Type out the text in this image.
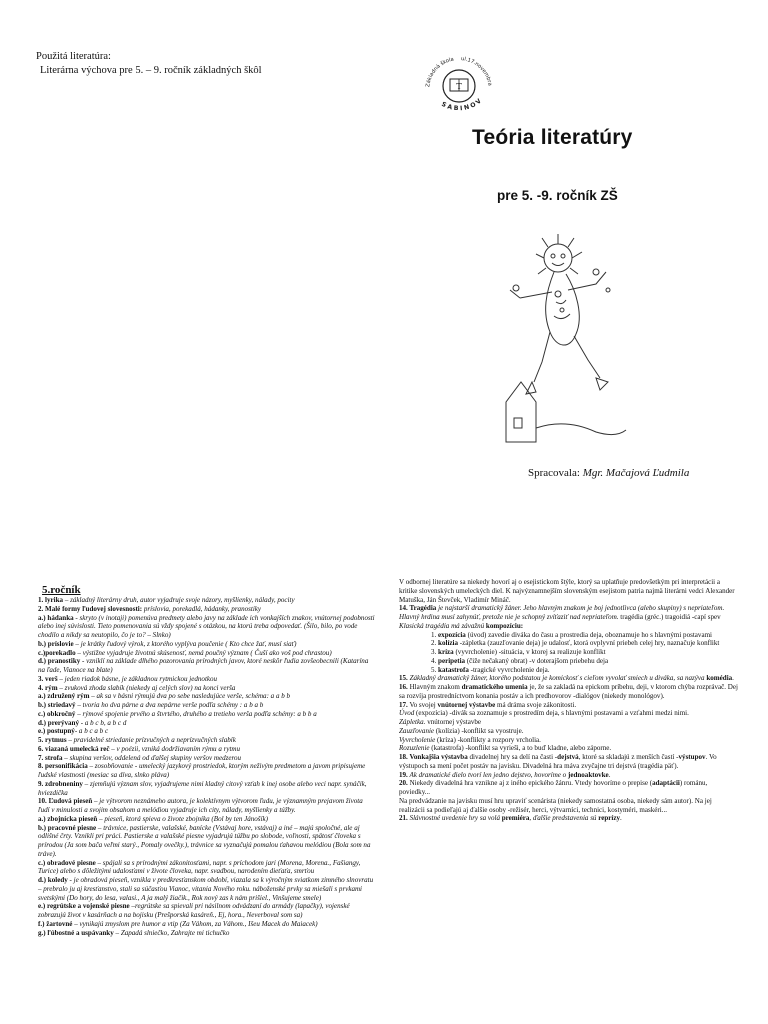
Použitá literatúra:
Literárna výchova pre 5. – 9. ročník základných škôl
T
Základná škola ul.17.novembra
SABINOV
Teória literatúry
pre 5. -9. ročník ZŠ
Spracovala: Mgr. Mačajová Ľudmila
5.ročník

1. lyrika – základný literárny druh, autor vyjadruje svoje názory, myšlienky, nálady, pocity

2. Malé formy ľudovej slovesnosti: príslovia, porekadlá, hádanky, pranostiky

a.) hádanka - skryto (v inotaji) pomenúva predmety alebo javy na základe ich vonkajších znakov, vnútornej podobnosti alebo inej súvislosti. Tieto pomenovania sú vždy spojené s otázkou, na ktorú treba odpovedať. (Šilo, bilo, po vode chodilo a nikdy sa neutopilo, čo je to? – Slnko)

b.) príslovie – je krátky ľudový výrok, z ktorého vyplýva poučenie ( Kto chce žať, musí siať)

c.)porekadlo – výstižne vyjadruje životnú skúsenosť, nemá poučný význam ( Čuší ako voš pod chrastou)

d.) pranostiky - vzniklí na základe dlhého pozorovania prírodných javov, ktoré neskôr ľudia zovšeobecnili (Katarína na ľade, Vianoce na blate)

3. verš – jeden riadok básne, je základnou rytmickou jednotkou

4. rým – zvuková zhoda slabík (niekedy aj celých slov) na konci verša

a.) združený rým – ak sa v básni rýmujú dva po sebe nasledujúce verše, schéma: a a b b

b.) striedavý – tvoria ho dva párne a dva nepárne verše podľa schémy : a b a b

c.) obkročný – rýmové spojenie prvého a štvrtého, druhého a tretieho verša podľa schémy: a b b a

d.) prerývaný - a b c b, a b c d

e.) postupný- a b c a b c

5. rytmus – pravidelné striedanie prízvučných a neprízvučných slabík

6. viazaná umelecká reč – v poézii, vzniká dodržiavaním rýmu a rytmu

7. strofa – skupina veršov, oddelená od ďalšej skupiny veršov medzerou

8. personifikácia – zosobňovanie - umelecký jazykový prostriedok, ktorým neživým predmetom a javom pripisujeme ľudské vlastnosti (mesiac sa díva, slnko pláva)

9. zdrobneniny – zjemňujú význam slov, vyjadrujeme nimi kladný citový vzťah k inej osobe alebo veci napr. synáčik, hviezdička

10. Ľudová pieseň – je výtvorom neznámeho autora, je kolektívnym výtvorom ľudu, je významným prejavom života ľudí v minulosti a svojim obsahom a melódiou vyjadruje ich city, nálady, myšlienky a túžby.

a.) zbojnícka pieseň – pieseň, ktorá spieva o živote zbojníka (Bol by ten Jánošík)

b.) pracovné piesne – trávnice, pastierske, valašské, banícke (Vstávaj hore, vstávaj) a iné – majú spoločné, ale aj odlišné črty. Vznikli pri práci. Pastierske a valašské piesne vyjadrujú túžbu po slobode, voľnosti, spätosť človeka s prírodou (Ja som bača veľmi starý., Pomaly ovečky.), trávnice sa vyznačujú pomalou ťahavou melódiou (Bola som na tráve).

c.) obradové piesne – spájali sa s prírodnými zákonitosťami, napr. s príchodom jari (Morena, Morena., Fašiangy, Turice) alebo s dôležitými udalosťami v živote človeka, napr. svadbou, narodením dieťaťa, smrťou

d.) koledy - je obradová pieseň, vznikla v predkresťanskom období, viazala sa k výročným sviatkom zimného slnovratu – prebralo ju aj kresťanstvo, stali sa súčasťou Vianoc, vitania Nového roku. náboženské prvky sa miešali s prvkami svetskými (Do hory, do lesa, valasi., A ja malý žiačik., Rok nový zas k nám prišiel., Vinšujeme smele)

e.) regrútske a vojenské piesne –regrútske sa spievali pri násilnom odvádzaní do armády (lapačky), vojenské zobrazujú život v kasárňach a na bojisku (Prešporská kasáreň., Ej, hora., Neverboval som sa)

f.) žartovné – vynikajú zmyslom pre humor a vtip (Za Váhom, za Váhom., Išeu Macek do Maiacek)

g.) ľúbostné a uspávanky – Zapadá slniečko, Zahrajte mi tichučko

V odbornej literatúre sa niekedy hovorí aj o esejistickom štýle, ktorý sa uplatňuje predovšetkým pri interpretácii a kritike slovenských umeleckých diel. K najvýznamnejším slovenským esejistom patria najmä literárni vedci Alexander Matuška, Ján Števček, Vladimír Mináč.

14. Tragédia je najstarší dramatický žáner. Jeho hlavným znakom je boj jednotlivca (alebo skupiny) s nepriateľom. Hlavný hrdina musí zahynúť, pretože nie je schopný zvíťaziť nad nepriateľom. tragédia (gréc.) tragoidiá -capí spev

Klasická tragédia má závažnú kompozíciu:

1. expozícia (úvod) zavedie diváka do času a prostredia deja, oboznamuje ho s hlavnými postavami

2. kolízia -zápletka (zauzľovanie deja) je udalosť, ktorá ovplyvní priebeh celej hry, naznačuje konflikt

3. kríza (vyvrcholenie) -situácia, v ktorej sa realizuje konflikt

4. peripetia (čiže nečakaný obrat) -v doterajšom priebehu deja

5. katastrofa -tragické vyvrcholenie deja.

15. Základný dramatický žáner, ktorého podstatou je komickosť s cieľom vyvolať smiech u diváka, sa nazýva komédia.

16. Hlavným znakom dramatického umenia je, že sa zakladá na epickom príbehu, deji, v ktorom chýba rozprávač. Dej sa rozvíja prostredníctvom konania postáv a ich predhovorov -dialógov (niekedy monológov).

17. Vo svojej vnútornej výstavbe má dráma svoje zákonitosti.

Úvod (expozícia) -divák sa zoznamuje s prostredím deja, s hlavnými postavami a vzťahmi medzi nimi.

Zápletka. vnútornej výstavbe

Zauzľovanie (kolízia) -konflikt sa vyostruje.

Vyvrcholenie (kríza) -konflikty a rozpory vrcholia.

Rozuzlenie (katastrofa) -konflikt sa vyrieši, a to buď kladne, alebo záporne.

18. Vonkajšia výstavba divadelnej hry sa delí na časti -dejstvá, ktoré sa skladajú z menších častí -výstupov. Vo výstupoch sa mení počet postáv na javisku. Divadelná hra máva zvyčajne tri dejstvá (tragédia päť).

19. Ak dramatické dielo tvorí len jedno dejstvo, hovoríme o jednoaktovke.

20. Niekedy divadelná hra vznikne aj z iného epického žánru. Vtedy hovoríme o prepise (adaptácii) románu, poviedky...

Na predvádzanie na javisku musí hru upraviť scenárista (niekedy samostatná osoba, niekedy sám autor). Na jej realizácii sa podieľajú aj ďalšie osoby -režisér, herci, výtvarníci, technici, kostyméri, maskéri...

21. Slávnostné uvedenie hry sa volá premiéra, ďalšie predstavenia sú reprízy.
